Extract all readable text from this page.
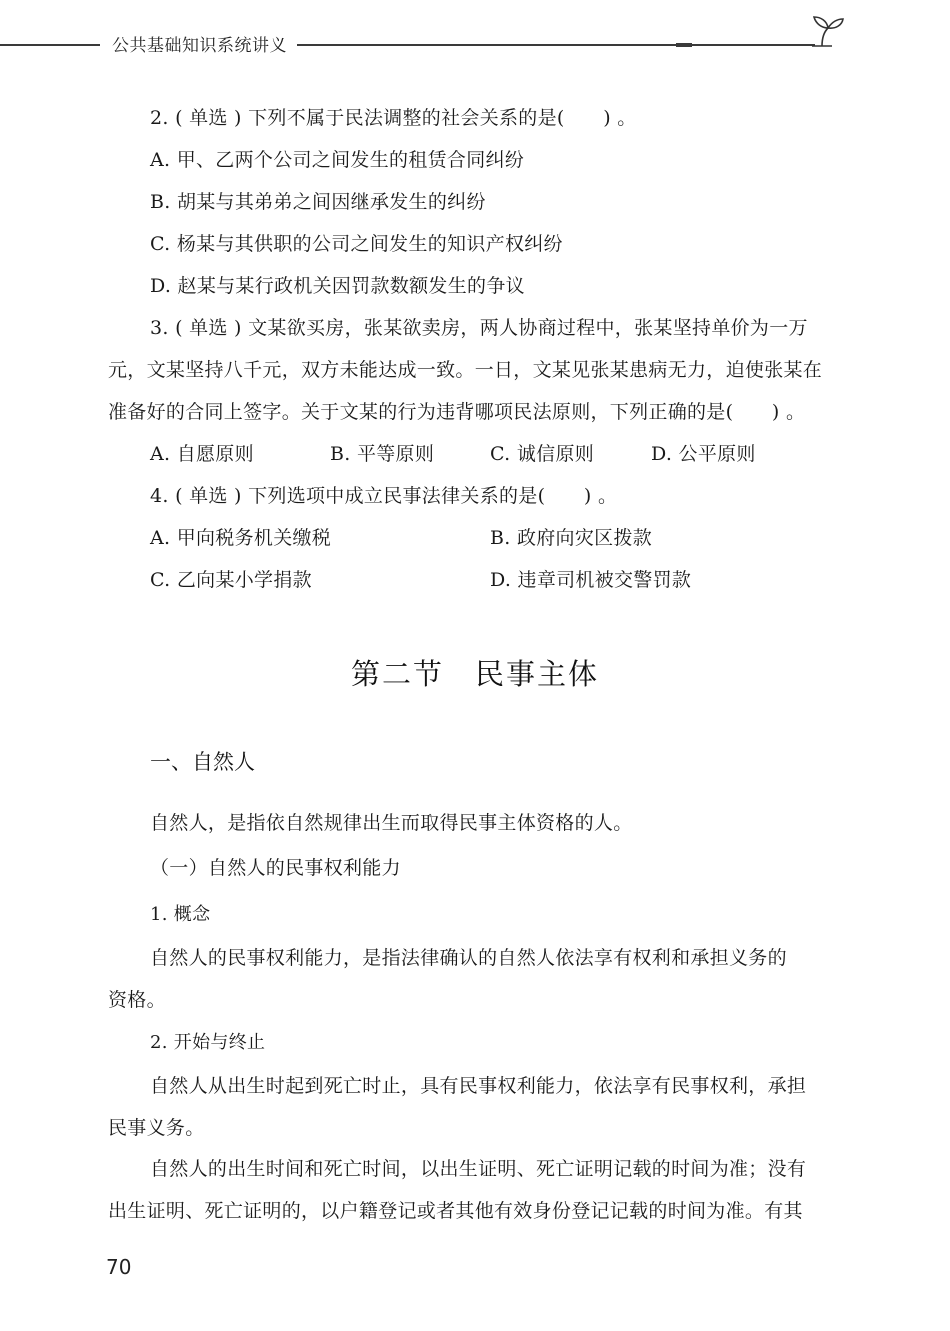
公共基础知识系统讲义
2. ( 单选 ) 下列不属于民法调整的社会关系的是(　　) 。
A. 甲、乙两个公司之间发生的租赁合同纠纷
B. 胡某与其弟弟之间因继承发生的纠纷
C. 杨某与其供职的公司之间发生的知识产权纠纷
D. 赵某与某行政机关因罚款数额发生的争议
3. ( 单选 ) 文某欲买房，张某欲卖房，两人协商过程中，张某坚持单价为一万
元，文某坚持八千元，双方未能达成一致。一日，文某见张某患病无力，迫使张某在
准备好的合同上签字。关于文某的行为违背哪项民法原则，下列正确的是(　　) 。
A. 自愿原则	B. 平等原则	C. 诚信原则	D. 公平原则
4. ( 单选 ) 下列选项中成立民事法律关系的是(　　) 。
A. 甲向税务机关缴税	B. 政府向灾区拨款
C. 乙向某小学捐款	D. 违章司机被交警罚款
第二节　民事主体
一、自然人
自然人，是指依自然规律出生而取得民事主体资格的人。
（一）自然人的民事权利能力
1. 概念
自然人的民事权利能力，是指法律确认的自然人依法享有权利和承担义务的
资格。
2. 开始与终止
自然人从出生时起到死亡时止，具有民事权利能力，依法享有民事权利，承担
民事义务。
自然人的出生时间和死亡时间，以出生证明、死亡证明记载的时间为准；没有
出生证明、死亡证明的，以户籍登记或者其他有效身份登记记载的时间为准。有其
70
